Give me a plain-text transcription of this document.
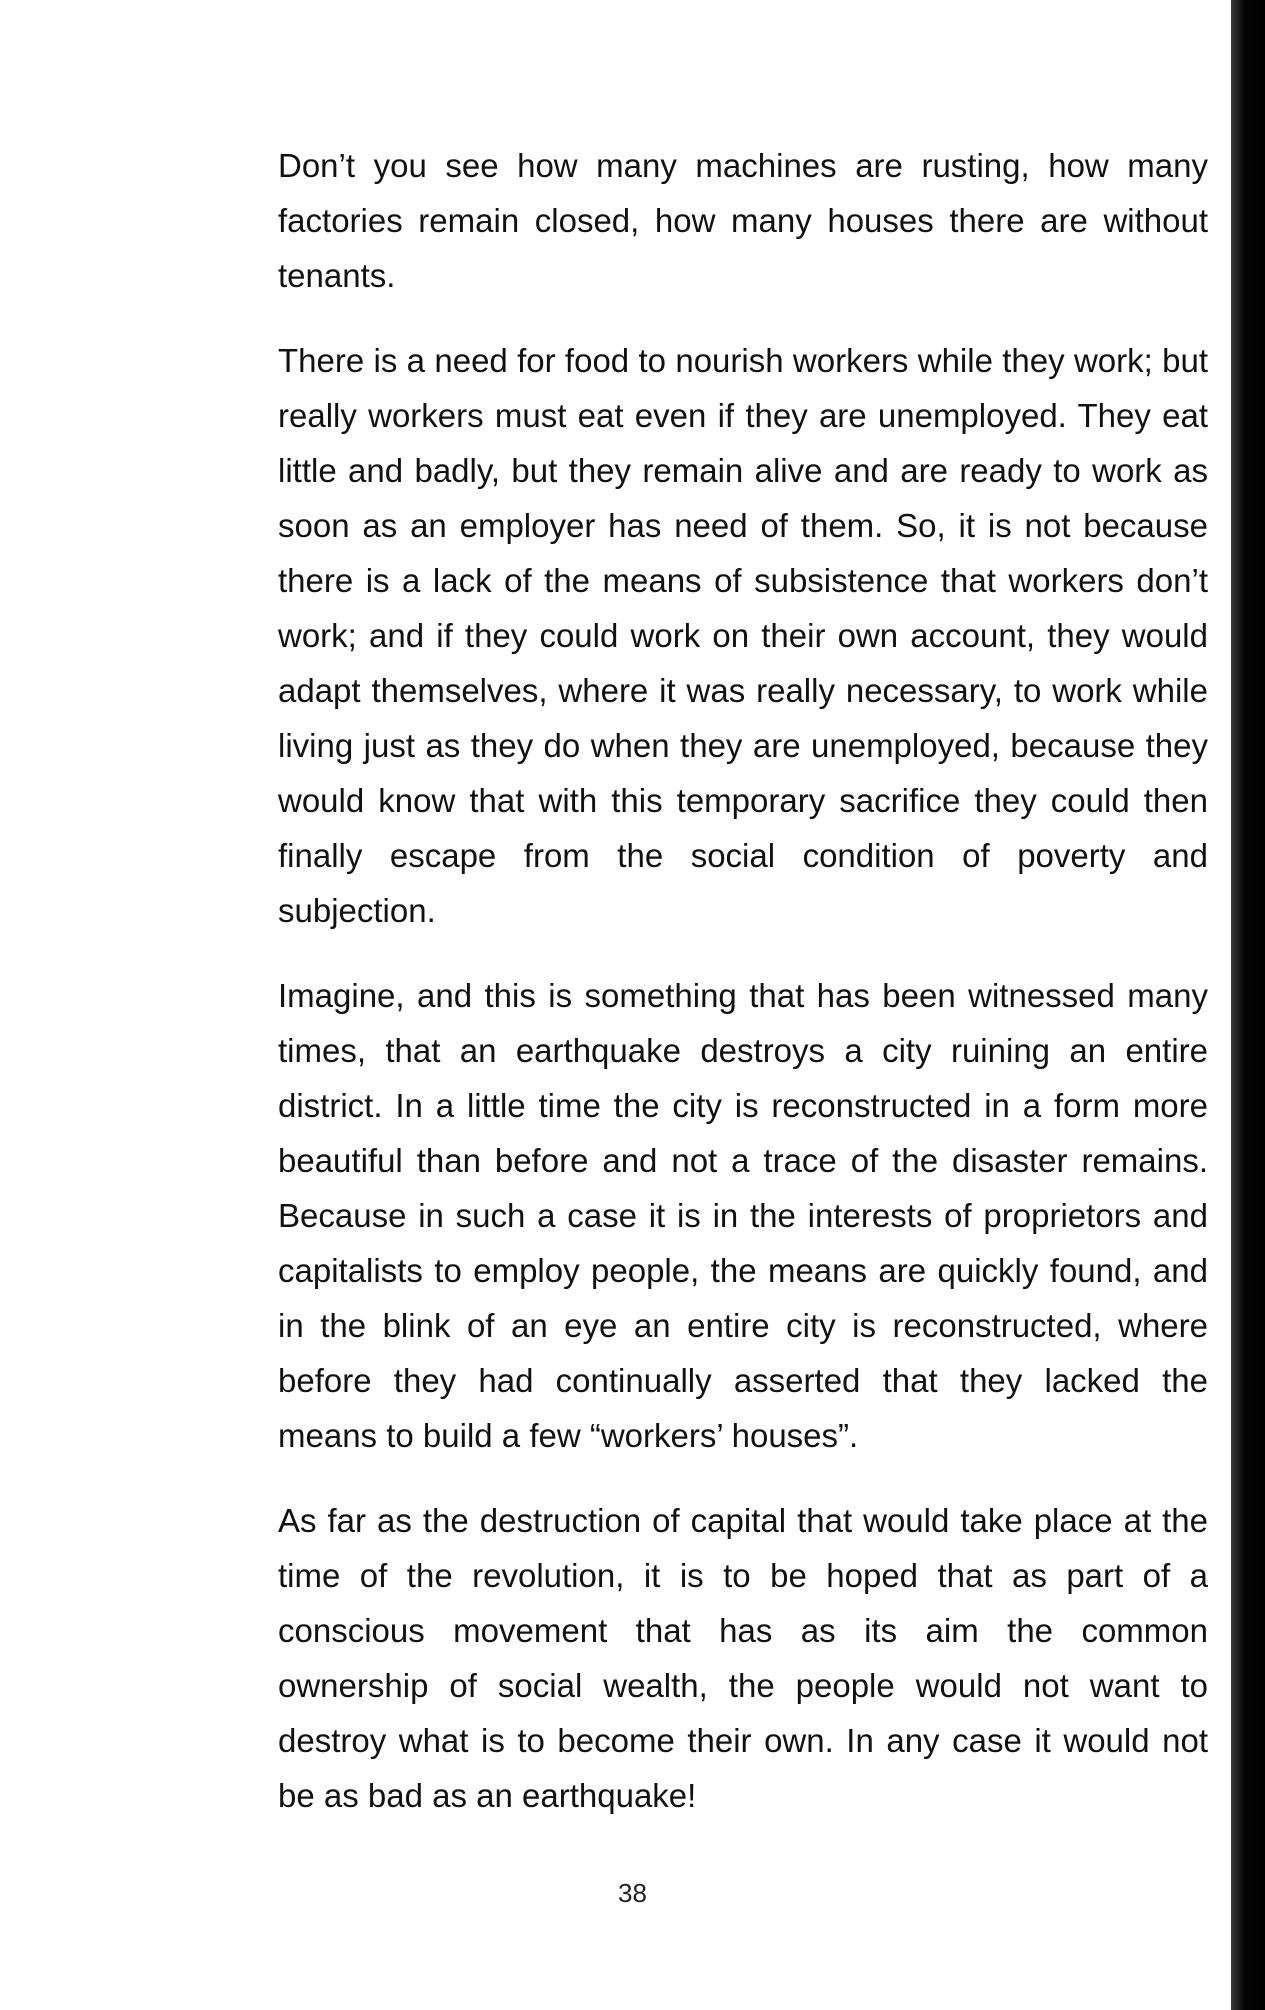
Don’t you see how many machines are rusting, how many factories remain closed, how many houses there are without tenants.

There is a need for food to nourish workers while they work; but really workers must eat even if they are unemployed. They eat little and badly, but they remain alive and are ready to work as soon as an employer has need of them. So, it is not because there is a lack of the means of subsistence that workers don’t work; and if they could work on their own account, they would adapt themselves, where it was really necessary, to work while living just as they do when they are unemployed, because they would know that with this temporary sacrifice they could then finally escape from the social condition of poverty and subjection.

Imagine, and this is something that has been witnessed many times, that an earthquake destroys a city ruining an entire district. In a little time the city is reconstructed in a form more beautiful than before and not a trace of the disaster remains. Because in such a case it is in the interests of proprietors and capitalists to employ people, the means are quickly found, and in the blink of an eye an entire city is reconstructed, where before they had continually asserted that they lacked the means to build a few “workers’ houses”.

As far as the destruction of capital that would take place at the time of the revolution, it is to be hoped that as part of a conscious movement that has as its aim the common ownership of social wealth, the people would not want to destroy what is to become their own. In any case it would not be as bad as an earthquake!

38
